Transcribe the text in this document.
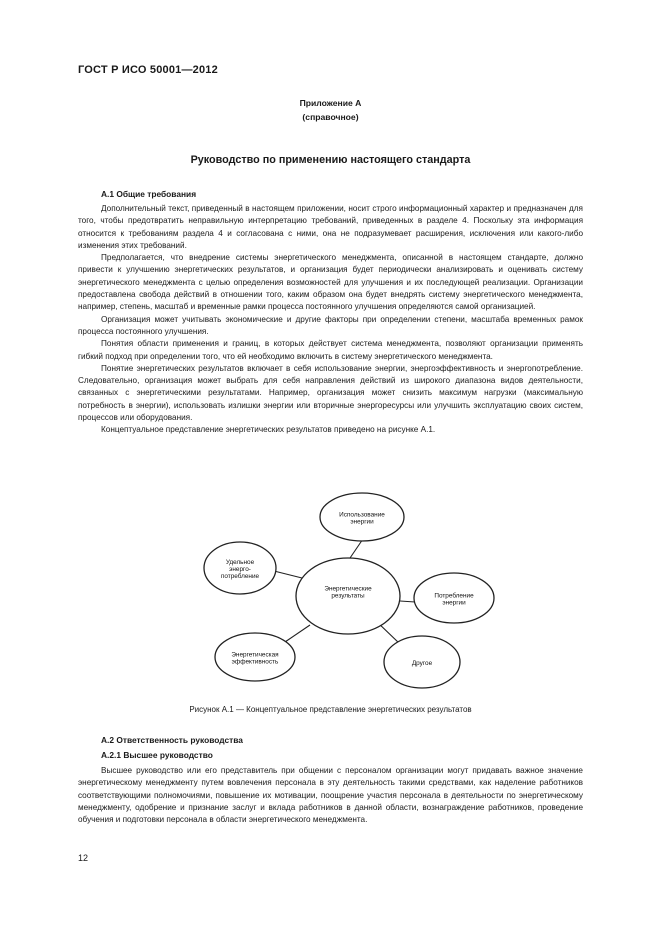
ГОСТ Р ИСО 50001—2012
Приложение А
(справочное)
Руководство по применению настоящего стандарта
А.1 Общие требования

Дополнительный текст, приведенный в настоящем приложении, носит строго информационный характер и предназначен для того, чтобы предотвратить неправильную интерпретацию требований, приведенных в разделе 4. Поскольку эта информация относится к требованиям раздела 4 и согласована с ними, она не подразумевает расширения, исключения или какого-либо изменения этих требований.

Предполагается, что внедрение системы энергетического менеджмента, описанной в настоящем стандарте, должно привести к улучшению энергетических результатов, и организация будет периодически анализировать и оценивать систему энергетического менеджмента с целью определения возможностей для улучшения и их последующей реализации. Организации предоставлена свобода действий в отношении того, каким образом она будет внедрять систему энергетического менеджмента, например, степень, масштаб и временные рамки процесса постоянного улучшения определяются самой организацией.

Организация может учитывать экономические и другие факторы при определении степени, масштаба временных рамок процесса постоянного улучшения.

Понятия области применения и границ, в которых действует система менеджмента, позволяют организации применять гибкий подход при определении того, что ей необходимо включить в систему энергетического менеджмента.

Понятие энергетических результатов включает в себя использование энергии, энергоэффективность и энергопотребление. Следовательно, организация может выбрать для себя направления действий из широкого диапазона видов деятельности, связанных с энергетическими результатами. Например, организация может снизить максимум нагрузки (максимальную потребность в энергии), использовать излишки энергии или вторичные энергоресурсы или улучшить эксплуатацию своих систем, процессов или оборудования.

Концептуальное представление энергетических результатов приведено на рисунке А.1.

Энергетические результаты
Использование энергии
Потребление энергии
Другое
Энергетическая эффективность
Удельное энерго-потребление
Рисунок А.1 — Концептуальное представление энергетических результатов
А.2 Ответственность руководства
А.2.1 Высшее руководство

Высшее руководство или его представитель при общении с персоналом организации могут придавать важное значение энергетическому менеджменту путем вовлечения персонала в эту деятельность такими средствами, как наделение работников соответствующими полномочиями, повышение их мотивации, поощрение участия персонала в деятельности по энергетическому менеджменту, одобрение и признание заслуг и вклада работников в данной области, вознаграждение работников, проведение обучения и подготовки персонала в области энергетического менеджмента.

12
